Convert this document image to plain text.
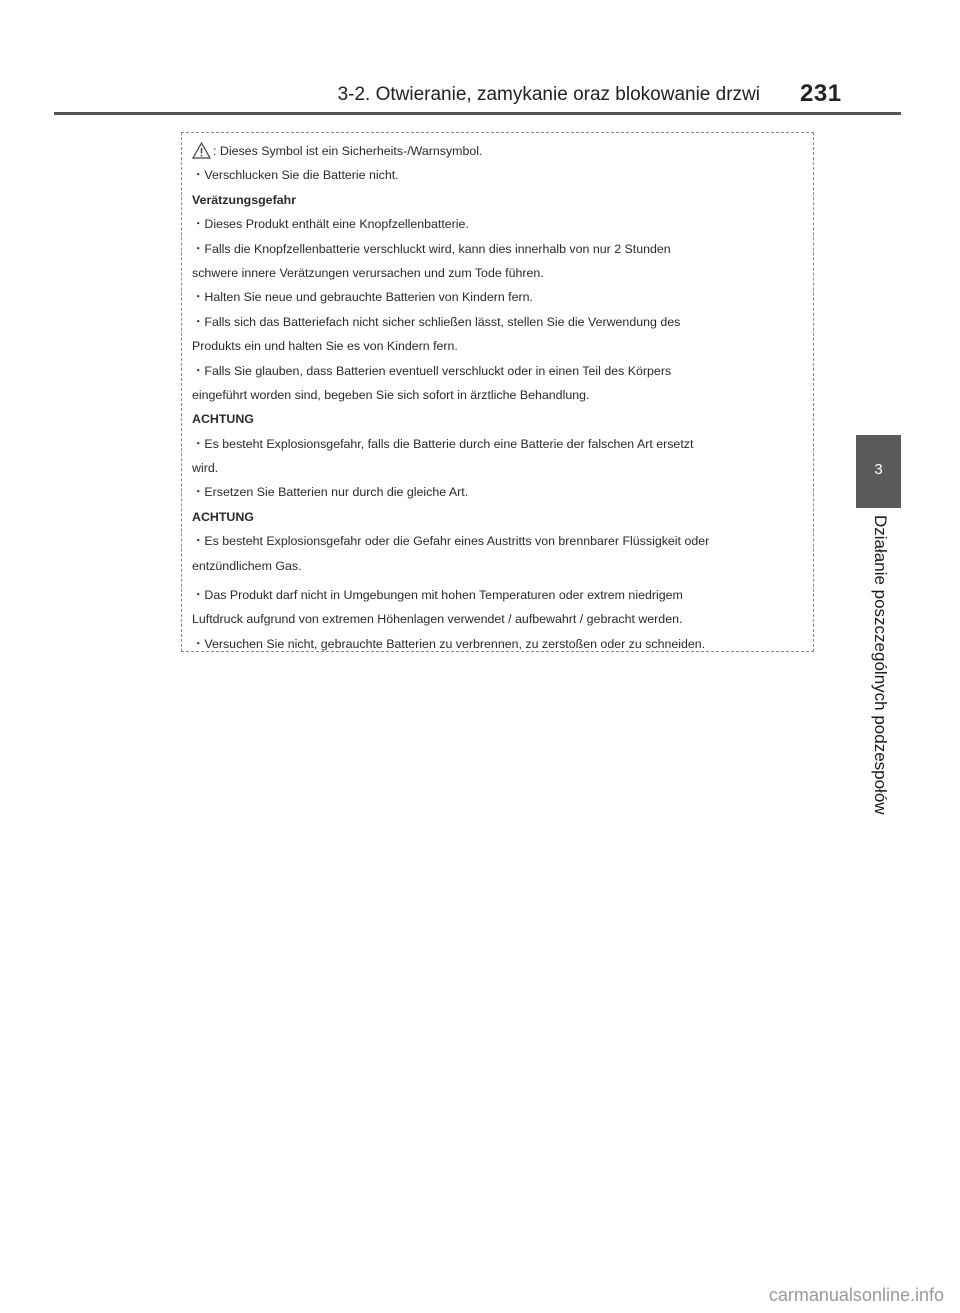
3-2. Otwieranie, zamykanie oraz blokowanie drzwi 231
3
Działanie poszczególnych podzespołów
: Dieses Symbol ist ein Sicherheits-/Warnsymbol.
・Verschlucken Sie die Batterie nicht.
Verätzungsgefahr
・Dieses Produkt enthält eine Knopfzellenbatterie.
・Falls die Knopfzellenbatterie verschluckt wird, kann dies innerhalb von nur 2 Stunden
schwere innere Verätzungen verursachen und zum Tode führen.
・Halten Sie neue und gebrauchte Batterien von Kindern fern.
・Falls sich das Batteriefach nicht sicher schließen lässt, stellen Sie die Verwendung des
Produkts ein und halten Sie es von Kindern fern.
・Falls Sie glauben, dass Batterien eventuell verschluckt oder in einen Teil des Körpers
eingeführt worden sind, begeben Sie sich sofort in ärztliche Behandlung.
ACHTUNG
・Es besteht Explosionsgefahr, falls die Batterie durch eine Batterie der falschen Art ersetzt
wird.
・Ersetzen Sie Batterien nur durch die gleiche Art.
ACHTUNG
・Es besteht Explosionsgefahr oder die Gefahr eines Austritts von brennbarer Flüssigkeit oder
entzündlichem Gas.
・Das Produkt darf nicht in Umgebungen mit hohen Temperaturen oder extrem niedrigem
Luftdruck aufgrund von extremen Höhenlagen verwendet / aufbewahrt / gebracht werden.
・Versuchen Sie nicht, gebrauchte Batterien zu verbrennen, zu zerstoßen oder zu schneiden.
carmanualsonline.info
